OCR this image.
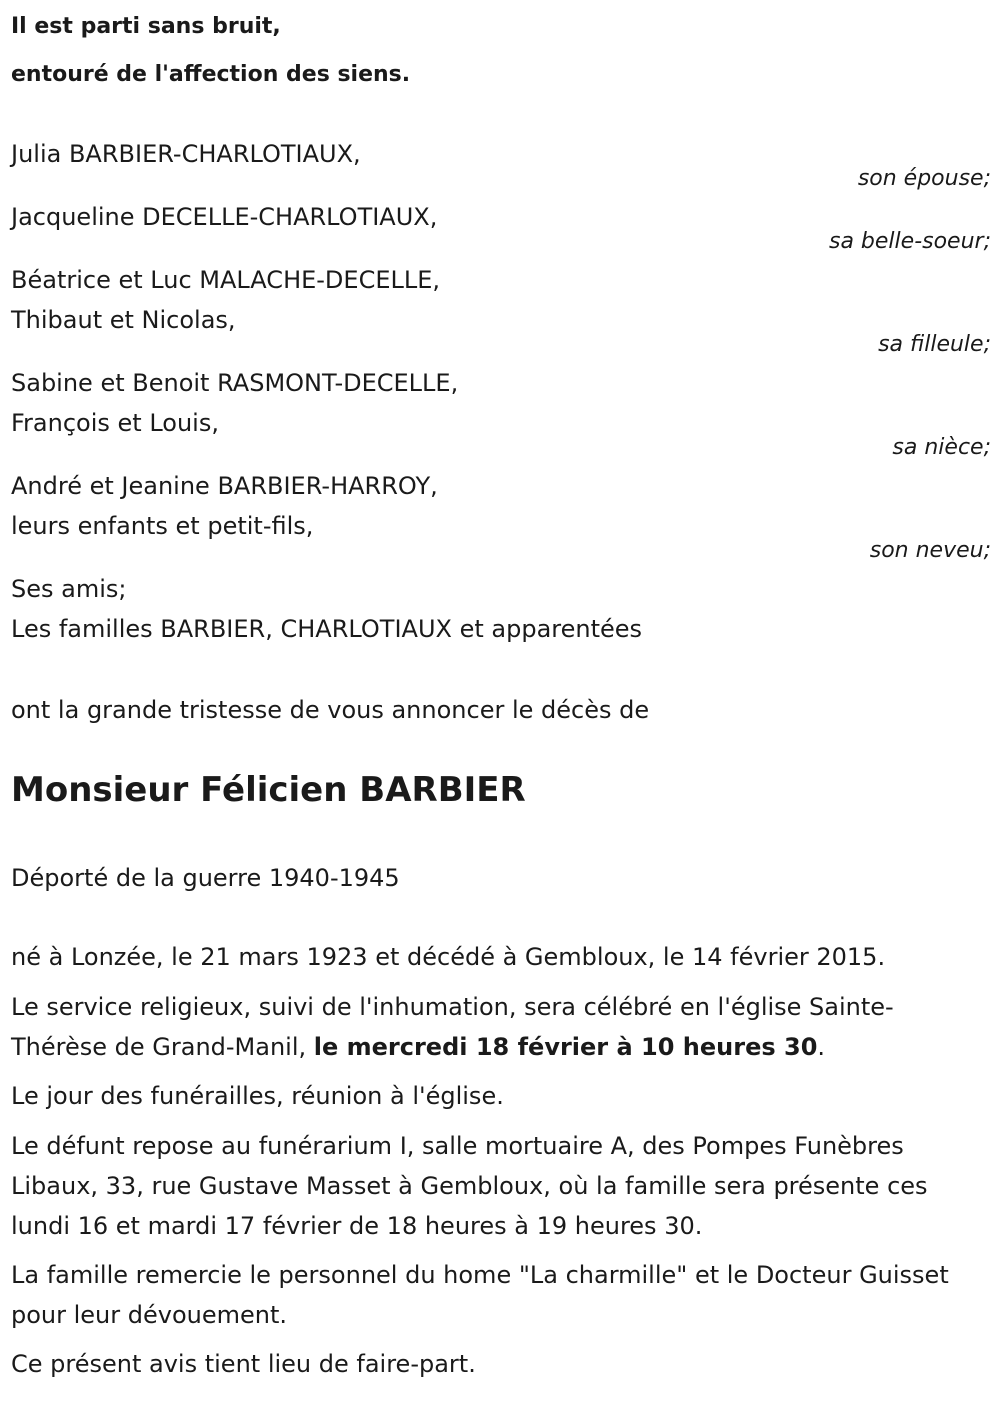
Il est parti sans bruit,

entouré de l'affection des siens.

Julia BARBIER-CHARLOTIAUX,
son épouse;
Jacqueline DECELLE-CHARLOTIAUX,
sa belle-soeur;
Béatrice et Luc MALACHE-DECELLE,
Thibaut et Nicolas,
sa filleule;
Sabine et Benoit RASMONT-DECELLE,
François et Louis,
sa nièce;
André et Jeanine BARBIER-HARROY,
leurs enfants et petit-fils,
son neveu;
Ses amis;
Les familles BARBIER, CHARLOTIAUX et apparentées
ont la grande tristesse de vous annoncer le décès de
Monsieur Félicien BARBIER
Déporté de la guerre 1940-1945
né à Lonzée, le 21 mars 1923 et décédé à Gembloux, le 14 février 2015.
Le service religieux, suivi de l'inhumation, sera célébré en l'église Sainte-Thérèse de Grand-Manil, le mercredi 18 février à 10 heures 30.
Le jour des funérailles, réunion à l'église.
Le défunt repose au funérarium I, salle mortuaire A, des Pompes Funèbres Libaux, 33, rue Gustave Masset à Gembloux, où la famille sera présente ces lundi 16 et mardi 17 février de 18 heures à 19 heures 30.
La famille remercie le personnel du home "La charmille" et le Docteur Guisset pour leur dévouement.
Ce présent avis tient lieu de faire-part.
